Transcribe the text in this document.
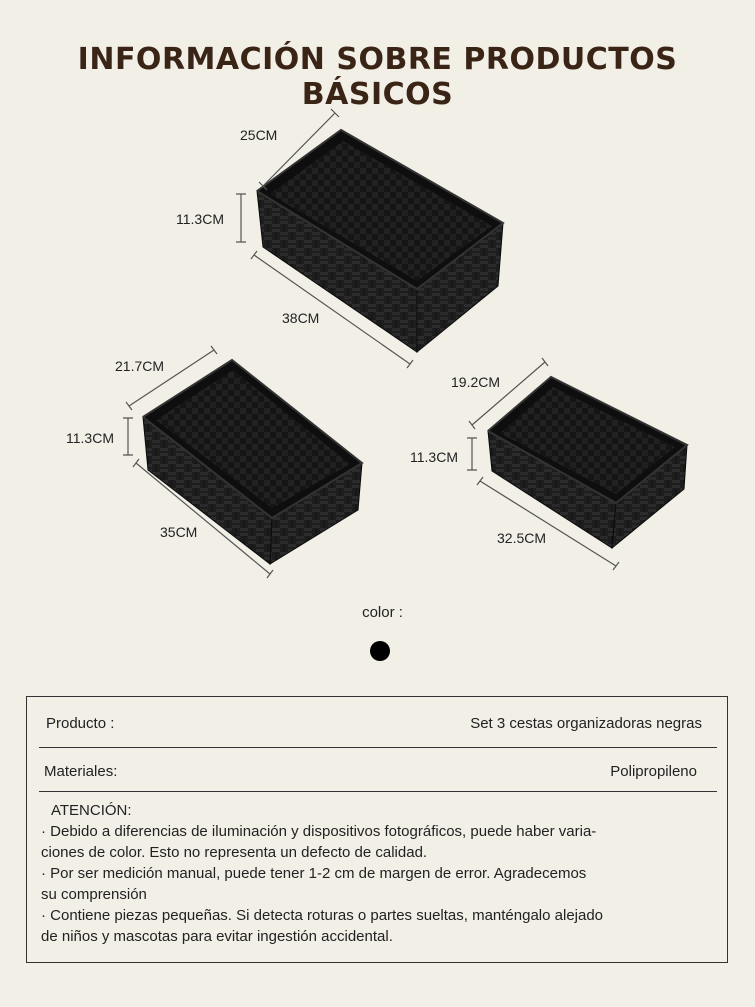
INFORMACIÓN SOBRE PRODUCTOS BÁSICOS
25CM
11.3CM
38CM
21.7CM
11.3CM
35CM
19.2CM
11.3CM
32.5CM
color :
Producto :	Set 3 cestas organizadoras negras
Materiales:	Polipropileno

ATENCIÓN:

· Debido a diferencias de iluminación y dispositivos fotográficos, puede haber varia-

ciones de color. Esto no representa un defecto de calidad.

· Por ser medición manual, puede tener 1-2 cm de margen de error. Agradecemos

su comprensión

· Contiene piezas pequeñas. Si detecta roturas o partes sueltas, manténgalo alejado

de niños y mascotas para evitar ingestión accidental.
